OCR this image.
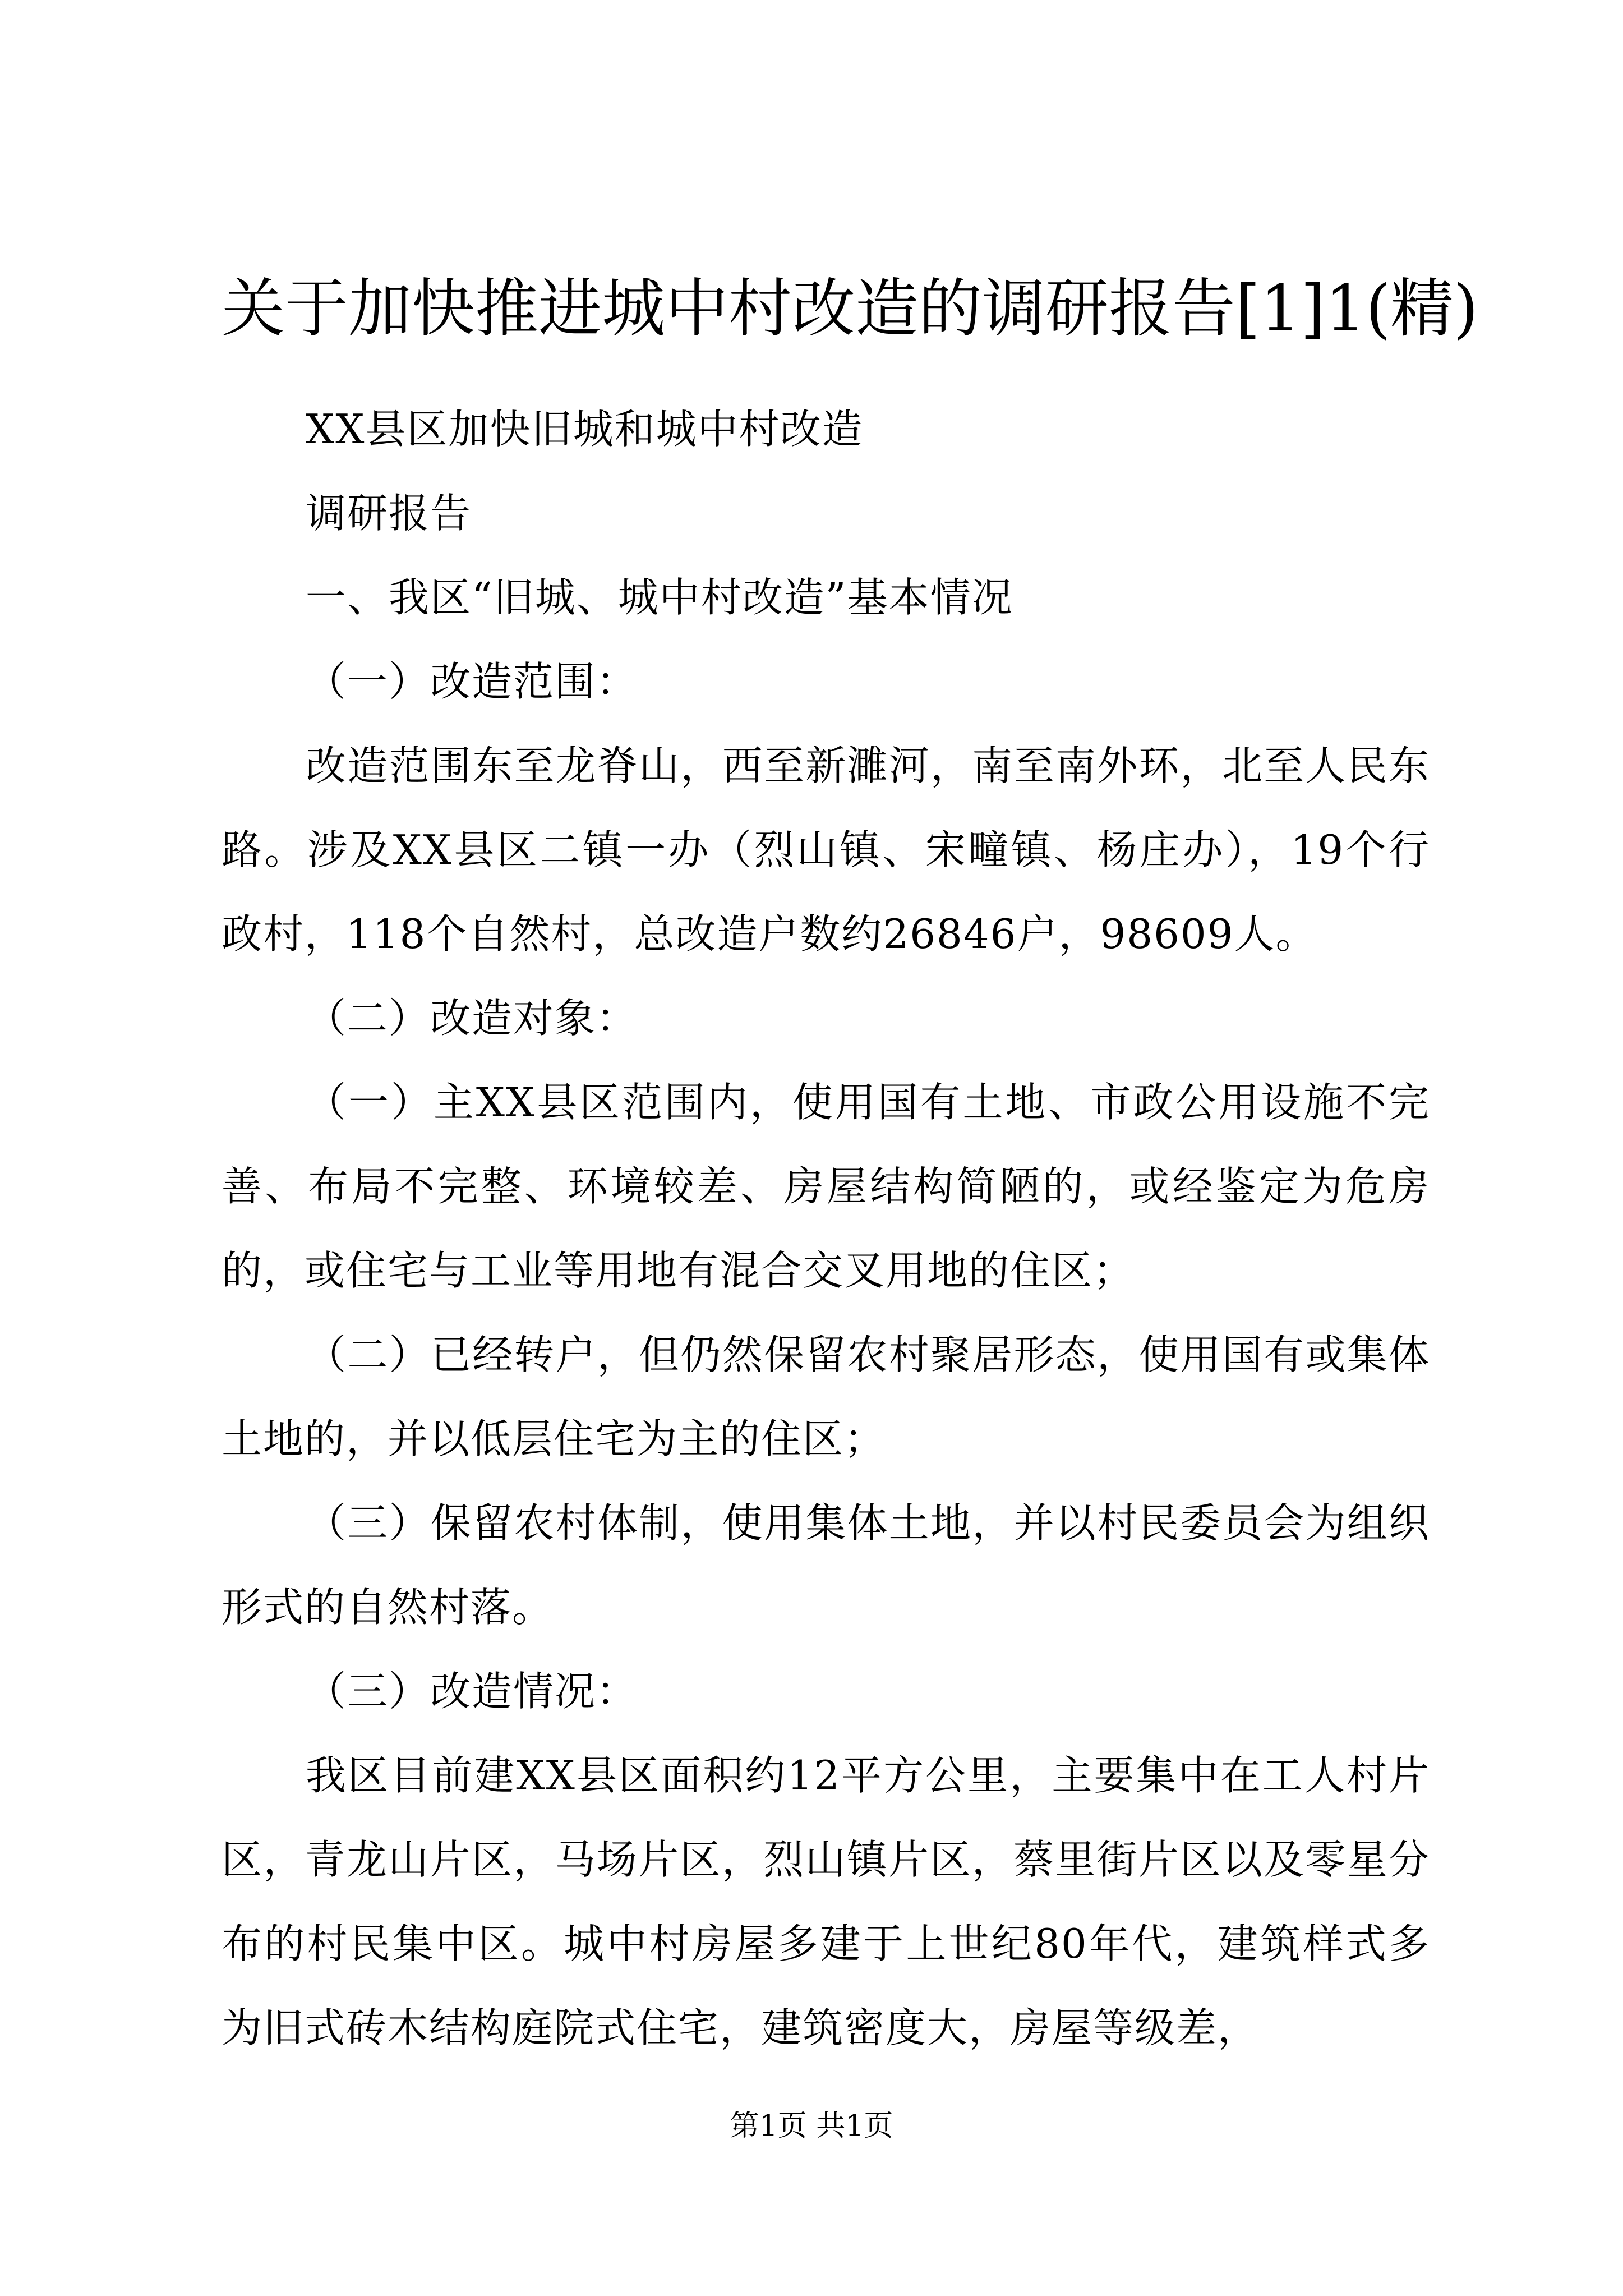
关于加快推进城中村改造的调研报告[1]1(精)

XX县区加快旧城和城中村改造

调研报告

一、我区“旧城、城中村改造”基本情况

（一）改造范围：

改造范围东至龙脊山，西至新濉河，南至南外环，北至人民东路。涉及XX县区二镇一办（烈山镇、宋疃镇、杨庄办），19个行政村，118个自然村，总改造户数约26846户，98609人。

（二）改造对象：

（一）主XX县区范围内，使用国有土地、市政公用设施不完善、布局不完整、环境较差、房屋结构简陋的，或经鉴定为危房的，或住宅与工业等用地有混合交叉用地的住区；

（二）已经转户，但仍然保留农村聚居形态，使用国有或集体土地的，并以低层住宅为主的住区；

（三）保留农村体制，使用集体土地，并以村民委员会为组织形式的自然村落。

（三）改造情况：

我区目前建XX县区面积约12平方公里，主要集中在工人村片区，青龙山片区，马场片区，烈山镇片区，蔡里街片区以及零星分布的村民集中区。城中村房屋多建于上世纪80年代，建筑样式多为旧式砖木结构庭院式住宅，建筑密度大，房屋等级差，

第1页 共1页
